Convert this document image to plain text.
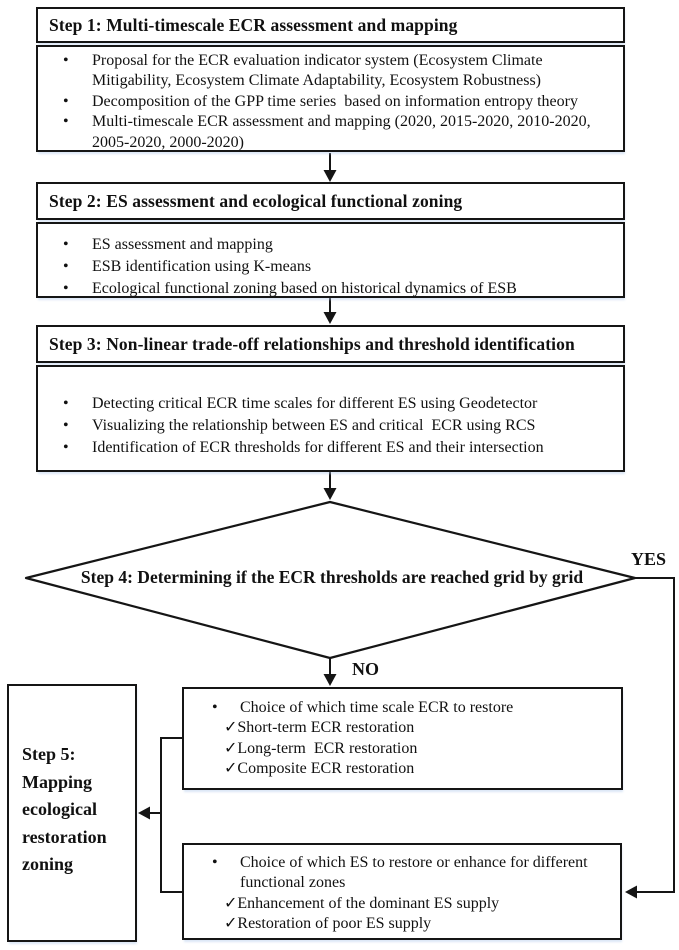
Step 1: Multi-timescale ECR assessment and mapping
• Proposal for the ECR evaluation indicator system (Ecosystem Climate Mitigability, Ecosystem Climate Adaptability, Ecosystem Robustness)
• Decomposition of the GPP time series  based on information entropy theory
• Multi-timescale ECR assessment and mapping (2020, 2015-2020, 2010-2020, 2005-2020, 2000-2020)
Step 2: ES assessment and ecological functional zoning
• ES assessment and mapping
• ESB identification using K-means
• Ecological functional zoning based on historical dynamics of ESB
Step 3: Non-linear trade-off relationships and threshold identification
• Detecting critical ECR time scales for different ES using Geodetector
• Visualizing the relationship between ES and critical  ECR using RCS
• Identification of ECR thresholds for different ES and their intersection
Step 4: Determining if the ECR thresholds are reached grid by grid
YES
NO
Step 5: Mapping ecological restoration zoning
• Choice of which time scale ECR to restore
✓Short-term ECR restoration
✓Long-term  ECR restoration
✓Composite ECR restoration
• Choice of which ES to restore or enhance for different
functional zones
✓Enhancement of the dominant ES supply
✓Restoration of poor ES supply
